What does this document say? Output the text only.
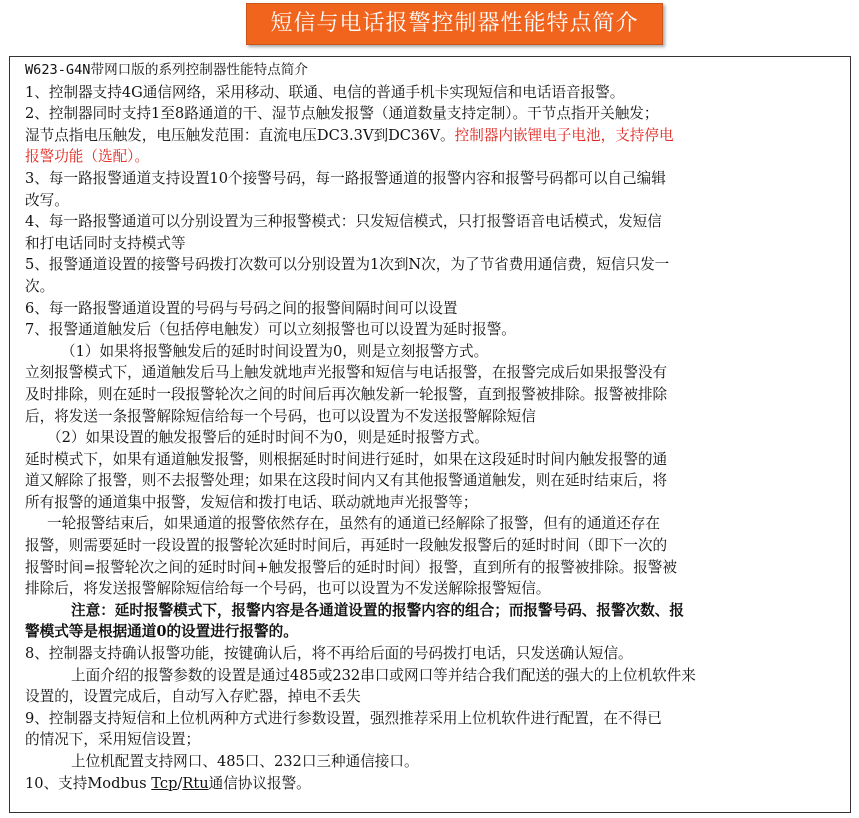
短信与电话报警控制器性能特点简介
W623-G4N带网口版的系列控制器性能特点简介
1、控制器支持4G通信网络，采用移动、联通、电信的普通手机卡实现短信和电话语音报警。
2、控制器同时支持1至8路通道的干、湿节点触发报警（通道数量支持定制）。干节点指开关触发；
湿节点指电压触发，电压触发范围：直流电压DC3.3V到DC36V。控制器内嵌锂电子电池，支持停电
报警功能（选配）。
3、每一路报警通道支持设置10个接警号码，每一路报警通道的报警内容和报警号码都可以自己编辑
改写。
4、每一路报警通道可以分别设置为三种报警模式：只发短信模式，只打报警语音电话模式，发短信
和打电话同时支持模式等
5、报警通道设置的接警号码拨打次数可以分别设置为1次到N次，为了节省费用通信费，短信只发一
次。
6、每一路报警通道设置的号码与号码之间的报警间隔时间可以设置
7、报警通道触发后（包括停电触发）可以立刻报警也可以设置为延时报警。
（1）如果将报警触发后的延时时间设置为0，则是立刻报警方式。
立刻报警模式下，通道触发后马上触发就地声光报警和短信与电话报警，在报警完成后如果报警没有
及时排除，则在延时一段报警轮次之间的时间后再次触发新一轮报警，直到报警被排除。报警被排除
后，将发送一条报警解除短信给每一个号码，也可以设置为不发送报警解除短信
（2）如果设置的触发报警后的延时时间不为0，则是延时报警方式。
延时模式下，如果有通道触发报警，则根据延时时间进行延时，如果在这段延时时间内触发报警的通
道又解除了报警，则不去报警处理；如果在这段时间内又有其他报警通道触发，则在延时结束后，将
所有报警的通道集中报警，发短信和拨打电话、联动就地声光报警等；
一轮报警结束后，如果通道的报警依然存在，虽然有的通道已经解除了报警，但有的通道还存在
报警，则需要延时一段设置的报警轮次延时时间后，再延时一段触发报警后的延时时间（即下一次的
报警时间=报警轮次之间的延时时间+触发报警后的延时时间）报警，直到所有的报警被排除。报警被
排除后，将发送报警解除短信给每一个号码，也可以设置为不发送解除报警短信。
注意：延时报警模式下，报警内容是各通道设置的报警内容的组合；而报警号码、报警次数、报
警模式等是根据通道0的设置进行报警的。
8、控制器支持确认报警功能，按键确认后，将不再给后面的号码拨打电话，只发送确认短信。
上面介绍的报警参数的设置是通过485或232串口或网口等并结合我们配送的强大的上位机软件来
设置的，设置完成后，自动写入存贮器，掉电不丢失
9、控制器支持短信和上位机两种方式进行参数设置，强烈推荐采用上位机软件进行配置，在不得已
的情况下，采用短信设置；
上位机配置支持网口、485口、232口三种通信接口。
10、支持Modbus Tcp/Rtu通信协议报警。
